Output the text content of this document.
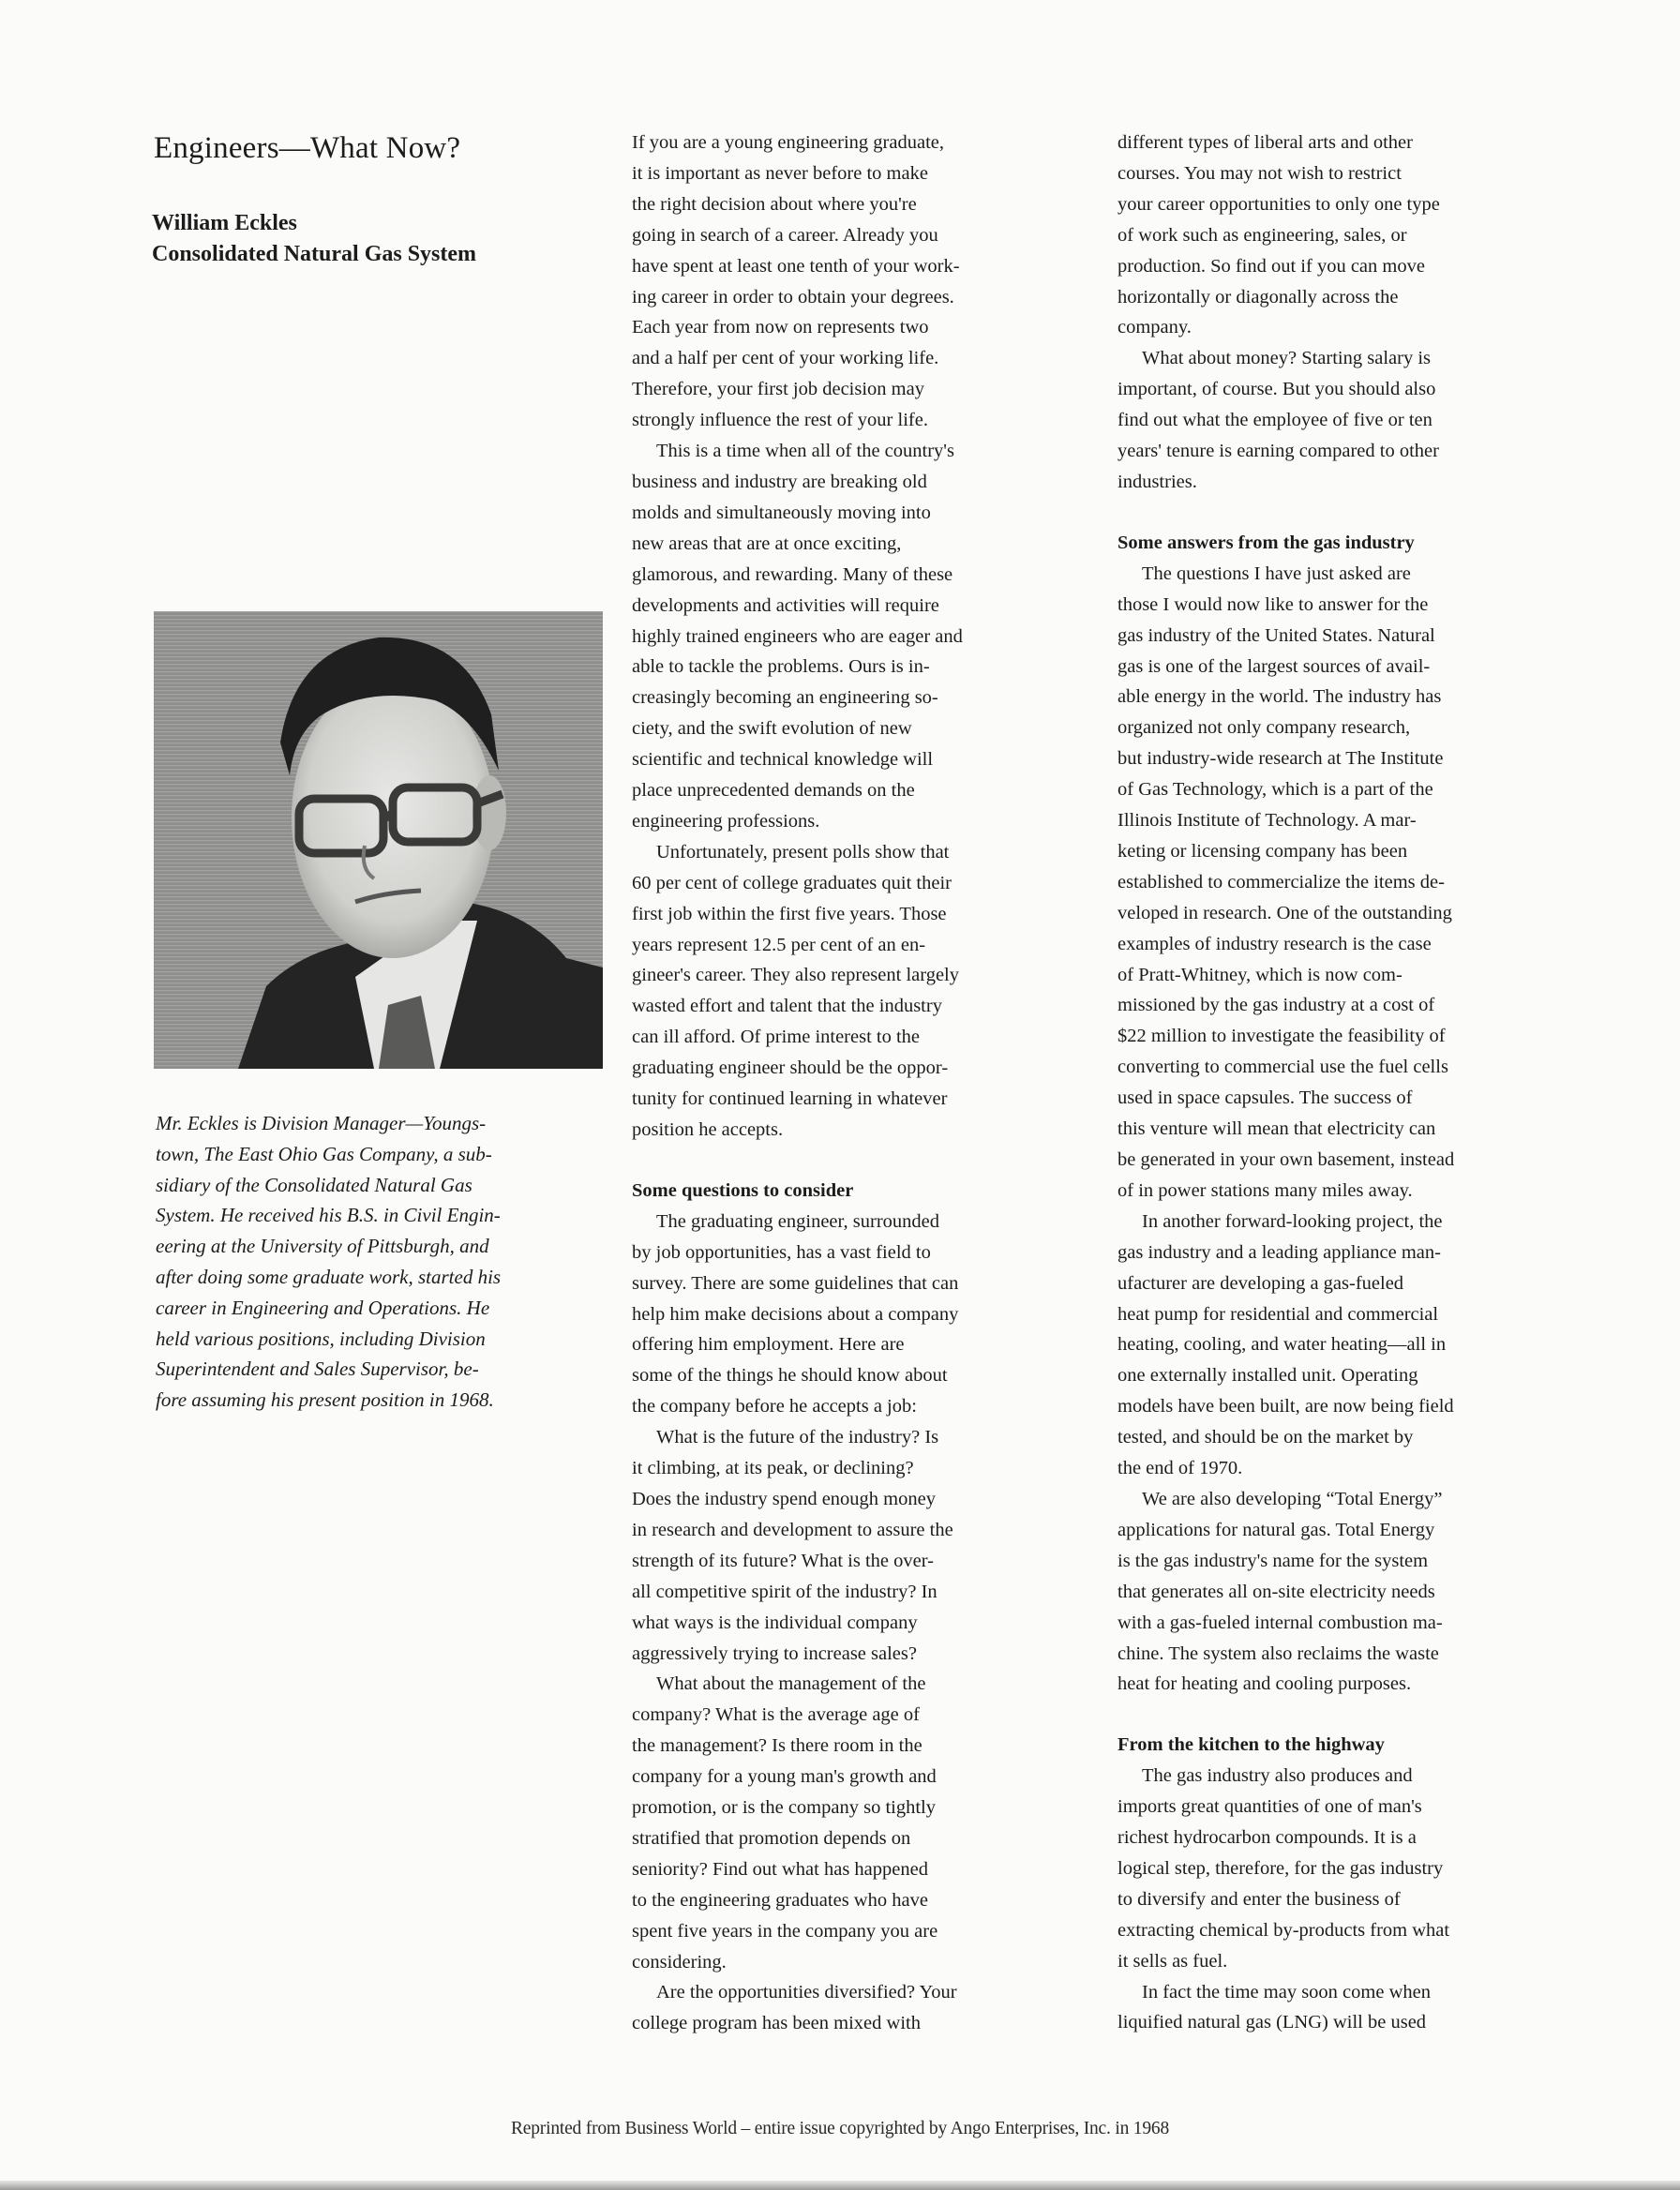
Engineers—What Now?
William Eckles
Consolidated Natural Gas System
Mr. Eckles is Division Manager—Youngs-
town, The East Ohio Gas Company, a sub-
sidiary of the Consolidated Natural Gas
System. He received his B.S. in Civil Engin-
eering at the University of Pittsburgh, and
after doing some graduate work, started his
career in Engineering and Operations. He
held various positions, including Division
Superintendent and Sales Supervisor, be-
fore assuming his present position in 1968.
If you are a young engineering graduate,
it is important as never before to make
the right decision about where you're
going in search of a career. Already you
have spent at least one tenth of your work-
ing career in order to obtain your degrees.
Each year from now on represents two
and a half per cent of your working life.
Therefore, your first job decision may
strongly influence the rest of your life.
This is a time when all of the country's
business and industry are breaking old
molds and simultaneously moving into
new areas that are at once exciting,
glamorous, and rewarding. Many of these
developments and activities will require
highly trained engineers who are eager and
able to tackle the problems. Ours is in-
creasingly becoming an engineering so-
ciety, and the swift evolution of new
scientific and technical knowledge will
place unprecedented demands on the
engineering professions.
Unfortunately, present polls show that
60 per cent of college graduates quit their
first job within the first five years. Those
years represent 12.5 per cent of an en-
gineer's career. They also represent largely
wasted effort and talent that the industry
can ill afford. Of prime interest to the
graduating engineer should be the oppor-
tunity for continued learning in whatever
position he accepts.
Some questions to consider
The graduating engineer, surrounded
by job opportunities, has a vast field to
survey. There are some guidelines that can
help him make decisions about a company
offering him employment. Here are
some of the things he should know about
the company before he accepts a job:
What is the future of the industry? Is
it climbing, at its peak, or declining?
Does the industry spend enough money
in research and development to assure the
strength of its future? What is the over-
all competitive spirit of the industry? In
what ways is the individual company
aggressively trying to increase sales?
What about the management of the
company? What is the average age of
the management? Is there room in the
company for a young man's growth and
promotion, or is the company so tightly
stratified that promotion depends on
seniority? Find out what has happened
to the engineering graduates who have
spent five years in the company you are
considering.
Are the opportunities diversified? Your
college program has been mixed with
different types of liberal arts and other
courses. You may not wish to restrict
your career opportunities to only one type
of work such as engineering, sales, or
production. So find out if you can move
horizontally or diagonally across the
company.
What about money? Starting salary is
important, of course. But you should also
find out what the employee of five or ten
years' tenure is earning compared to other
industries.
Some answers from the gas industry
The questions I have just asked are
those I would now like to answer for the
gas industry of the United States. Natural
gas is one of the largest sources of avail-
able energy in the world. The industry has
organized not only company research,
but industry-wide research at The Institute
of Gas Technology, which is a part of the
Illinois Institute of Technology. A mar-
keting or licensing company has been
established to commercialize the items de-
veloped in research. One of the outstanding
examples of industry research is the case
of Pratt-Whitney, which is now com-
missioned by the gas industry at a cost of
$22 million to investigate the feasibility of
converting to commercial use the fuel cells
used in space capsules. The success of
this venture will mean that electricity can
be generated in your own basement, instead
of in power stations many miles away.
In another forward-looking project, the
gas industry and a leading appliance man-
ufacturer are developing a gas-fueled
heat pump for residential and commercial
heating, cooling, and water heating—all in
one externally installed unit. Operating
models have been built, are now being field
tested, and should be on the market by
the end of 1970.
We are also developing “Total Energy”
applications for natural gas. Total Energy
is the gas industry's name for the system
that generates all on-site electricity needs
with a gas-fueled internal combustion ma-
chine. The system also reclaims the waste
heat for heating and cooling purposes.
From the kitchen to the highway
The gas industry also produces and
imports great quantities of one of man's
richest hydrocarbon compounds. It is a
logical step, therefore, for the gas industry
to diversify and enter the business of
extracting chemical by-products from what
it sells as fuel.
In fact the time may soon come when
liquified natural gas (LNG) will be used
Reprinted from Business World – entire issue copyrighted by Ango Enterprises, Inc. in 1968
